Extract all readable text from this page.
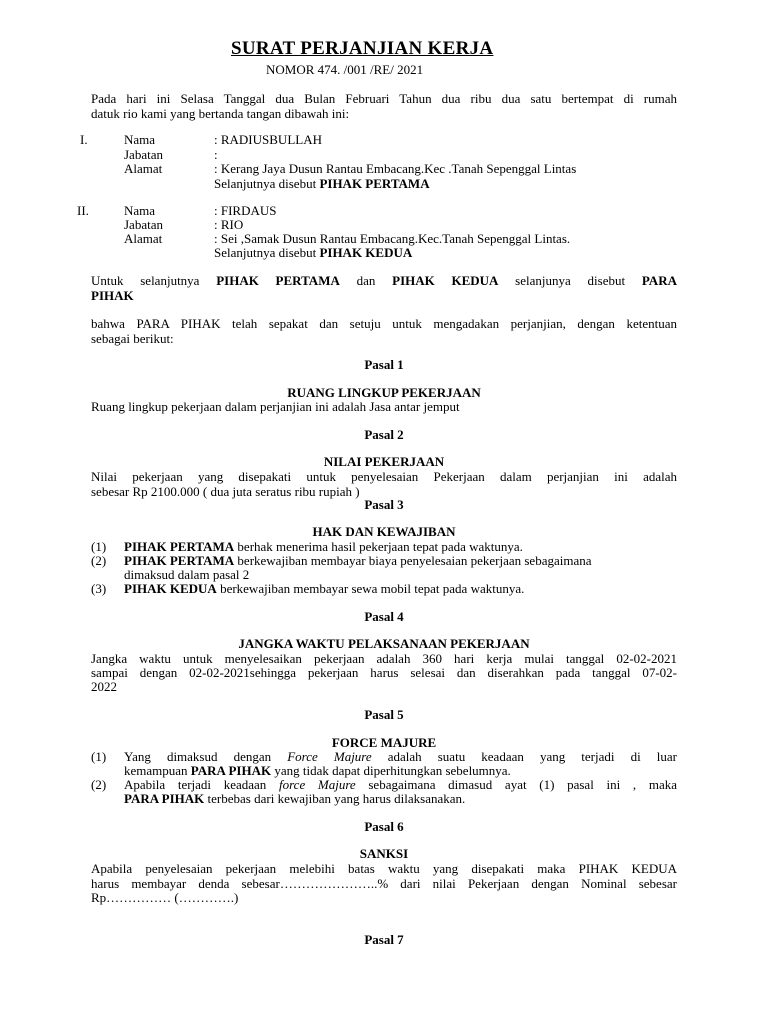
SURAT PERJANJIAN KERJA
NOMOR 474. /001 /RE/ 2021
Pada hari ini Selasa Tanggal dua Bulan Februari Tahun dua ribu dua satu bertempat di rumah
datuk rio kami yang bertanda tangan dibawah ini:
I.	Nama	: RADIUSBULLAH
Jabatan	:
Alamat	: Kerang Jaya Dusun Rantau Embacang.Kec .Tanah Sepenggal Lintas
Selanjutnya disebut PIHAK PERTAMA
II.	Nama	: FIRDAUS
Jabatan	: RIO
Alamat	: Sei ,Samak Dusun Rantau Embacang.Kec.Tanah Sepenggal Lintas.
Selanjutnya disebut PIHAK KEDUA
Untuk selanjutnya PIHAK PERTAMA dan PIHAK KEDUA selanjunya disebut PARA
PIHAK
bahwa PARA PIHAK telah sepakat dan setuju untuk mengadakan perjanjian, dengan ketentuan
sebagai berikut:
Pasal 1
RUANG LINGKUP PEKERJAAN
Ruang lingkup pekerjaan dalam perjanjian ini adalah Jasa antar jemput
Pasal 2
NILAI PEKERJAAN
Nilai pekerjaan yang disepakati untuk penyelesaian Pekerjaan dalam perjanjian ini adalah
sebesar Rp 2100.000 ( dua juta seratus ribu rupiah )
Pasal 3
HAK DAN KEWAJIBAN
(1) PIHAK PERTAMA berhak menerima hasil pekerjaan tepat pada waktunya.
(2) PIHAK PERTAMA berkewajiban membayar biaya penyelesaian pekerjaan sebagaimana
dimaksud dalam pasal 2
(3) PIHAK KEDUA berkewajiban membayar sewa mobil tepat pada waktunya.
Pasal 4
JANGKA WAKTU PELAKSANAAN PEKERJAAN
Jangka waktu untuk menyelesaikan pekerjaan adalah 360 hari kerja mulai tanggal 02-02-2021
sampai dengan 02-02-2021sehingga pekerjaan harus selesai dan diserahkan pada tanggal 07-02-
2022
Pasal 5
FORCE MAJURE
(1) Yang dimaksud dengan Force Majure adalah suatu keadaan yang terjadi di luar
kemampuan PARA PIHAK yang tidak dapat diperhitungkan sebelumnya.
(2) Apabila terjadi keadaan force Majure sebagaimana dimasud ayat (1) pasal ini , maka
PARA PIHAK terbebas dari kewajiban yang harus dilaksanakan.
Pasal 6
SANKSI
Apabila penyelesaian pekerjaan melebihi batas waktu yang disepakati maka PIHAK KEDUA
harus membayar denda sebesar…………………..% dari nilai Pekerjaan dengan Nominal sebesar
Rp…………… (………….)
Pasal 7
